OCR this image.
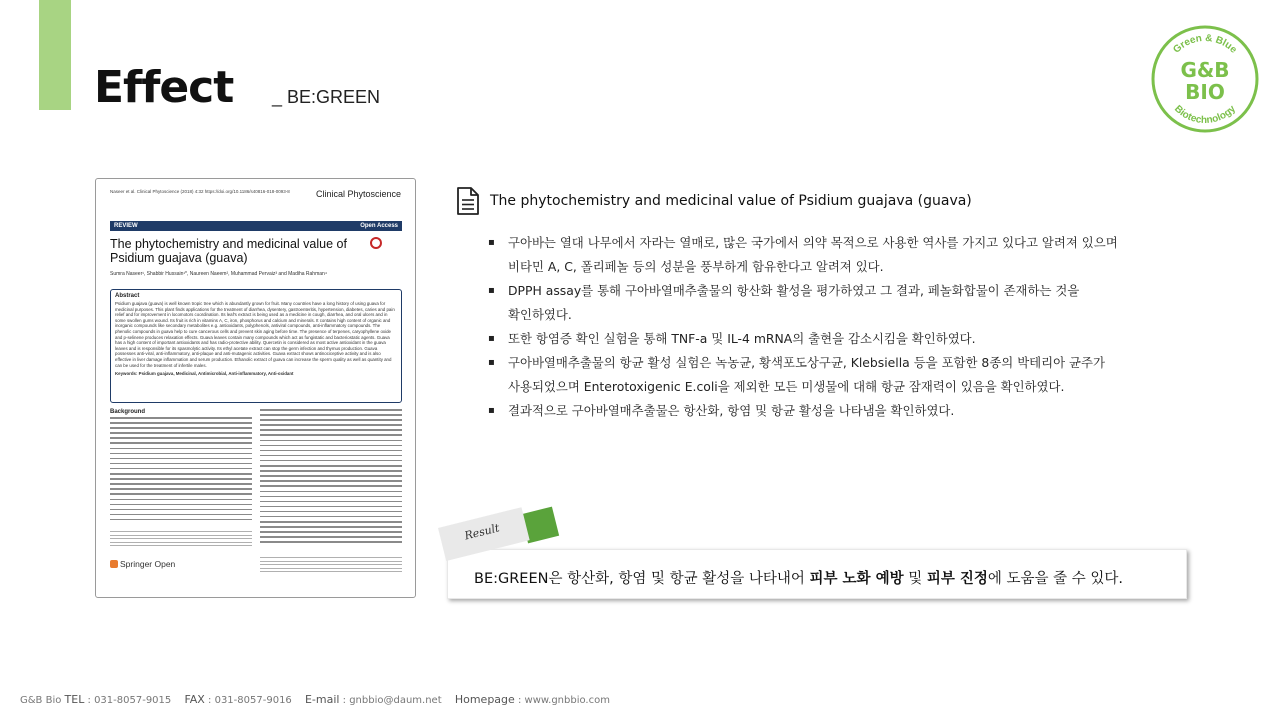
Effect _ BE:GREEN
Green & Blue
Biotechnology
G&B
BIO
Naseer et al. Clinical Phytoscience (2018) 4:32 https://doi.org/10.1186/s40816-018-0093-8	Clinical Phytoscience
REVIEW	Open Access
The phytochemistry and medicinal value of
Psidium guajava (guava)
Sumra Naseer¹, Shabbir Hussain¹*, Naureen Naeem², Muhammad Pervaiz³ and Madiha Rahman⁴
Abstract

Psidium guajava (guava) is well known tropic tree which is abundantly grown for fruit. Many countries have a long history of using guava for medicinal purposes. This plant finds applications for the treatment of diarrhea, dysentery, gastroenteritis, hypertension, diabetes, caries and pain relief and for improvement in locomotors coordination. Its leaf's extract is being used as a medicine in cough, diarrhea, and oral ulcers and in some swollen gums wound. Its fruit is rich in vitamins A, C, iron, phosphorus and calcium and minerals. It contains high content of organic and inorganic compounds like secondary metabolites e.g. antioxidants, polyphenols, antiviral compounds, anti-inflammatory compounds. The phenolic compounds in guava help to cure cancerous cells and prevent skin aging before time. The presence of terpenes, caryophyllene oxide and p-selinene produces relaxation effects. Guava leaves contain many compounds which act as fungistatic and bacteriostatic agents. Guava has a high content of important antioxidants and has radio-protective ability. Quercetin is considered as most active antioxidant in the guava leaves and is responsible for its spasmolytic activity. Its ethyl acetate extract can stop the germ infection and thymus production. Guava possesses anti-viral, anti-inflammatory, anti-plaque and anti-mutagenic activities. Guava extract shows antinociceptive activity and is also effective in liver damage inflammation and serum production. Ethanolic extract of guava can increase the sperm quality as well as quantity and can be used for the treatment of infertile males.

Keywords: Psidium guajava, Medicinal, Antimicrobial, Anti-inflammatory, Anti-oxidant

Background
Springer Open
The phytochemistry and medicinal value of Psidium guajava (guava)
▪ 구아바는 열대 나무에서 자라는 열매로, 많은 국가에서 의약 목적으로 사용한 역사를 가지고 있다고 알려져 있으며
비타민 A, C, 폴리페놀 등의 성분을 풍부하게 함유한다고 알려져 있다.
▪ DPPH assay를 통해 구아바열매추출물의 항산화 활성을 평가하였고 그 결과, 페놀화합물이 존재하는 것을
확인하였다.
▪ 또한 항염증 확인 실험을 통해 TNF-a 및 IL-4 mRNA의 출현을 감소시킴을 확인하였다.
▪ 구아바열매추출물의 항균 활성 실험은 녹농균, 황색포도상구균, Klebsiella 등을 포함한 8종의 박테리아 균주가
사용되었으며 Enterotoxigenic E.coli을 제외한 모든 미생물에 대해 항균 잠재력이 있음을 확인하였다.
▪ 결과적으로 구아바열매추출물은 항산화, 항염 및 항균 활성을 나타냄을 확인하였다.
Result
BE:GREEN은 항산화, 항염 및 항균 활성을 나타내어 피부 노화 예방 및 피부 진정에 도움을 줄 수 있다.
G&B Bio TEL : 031-8057-9015 FAX : 031-8057-9016 E-mail : gnbbio@daum.net Homepage : www.gnbbio.com
